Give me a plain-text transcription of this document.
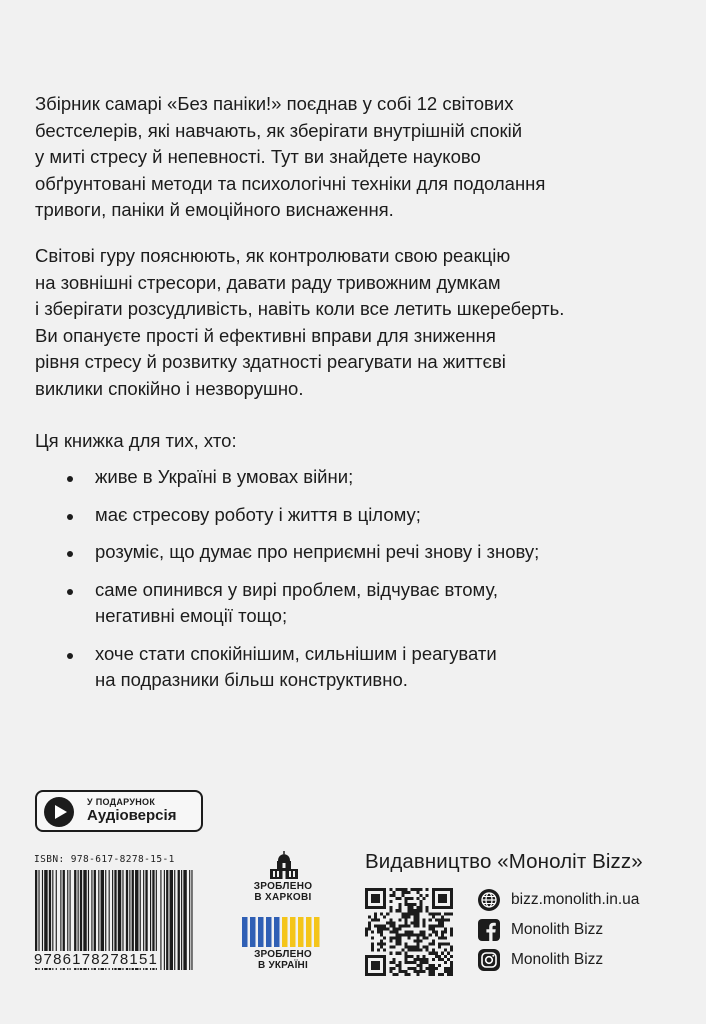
Збірник самарі «Без паніки!» поєднав у собі 12 світових
бестселерів, які навчають, як зберігати внутрішній спокій
у миті стресу й непевності. Тут ви знайдете науково
обґрунтовані методи та психологічні техніки для подолання
тривоги, паніки й емоційного виснаження.

Світові гуру пояснюють, як контролювати свою реакцію
на зовнішні стресори, давати раду тривожним думкам
і зберігати розсудливість, навіть коли все летить шкереберть.
Ви опануєте прості й ефективні вправи для зниження
рівня стресу й розвитку здатності реагувати на життєві
виклики спокійно і незворушно.

Ця книжка для тих, хто:

живе в Україні в умовах війни;
має стресову роботу і життя в цілому;
розуміє, що думає про неприємні речі знову і знову;
саме опинився у вирі проблем, відчуває втому,
негативні емоції тощо;
хоче стати спокійнішим, сильнішим і реагувати
на подразники більш конструктивно.
У ПОДАРУНОК
Аудіоверсія
ISBN: 978-617-8278-15-1
9786178278151
ЗРОБЛЕНО
В ХАРКОВІ
ЗРОБЛЕНО
В УКРАЇНІ
Видавництво «Моноліт Bizz»
bizz.monolith.in.ua
Monolith Bizz
Monolith Bizz
